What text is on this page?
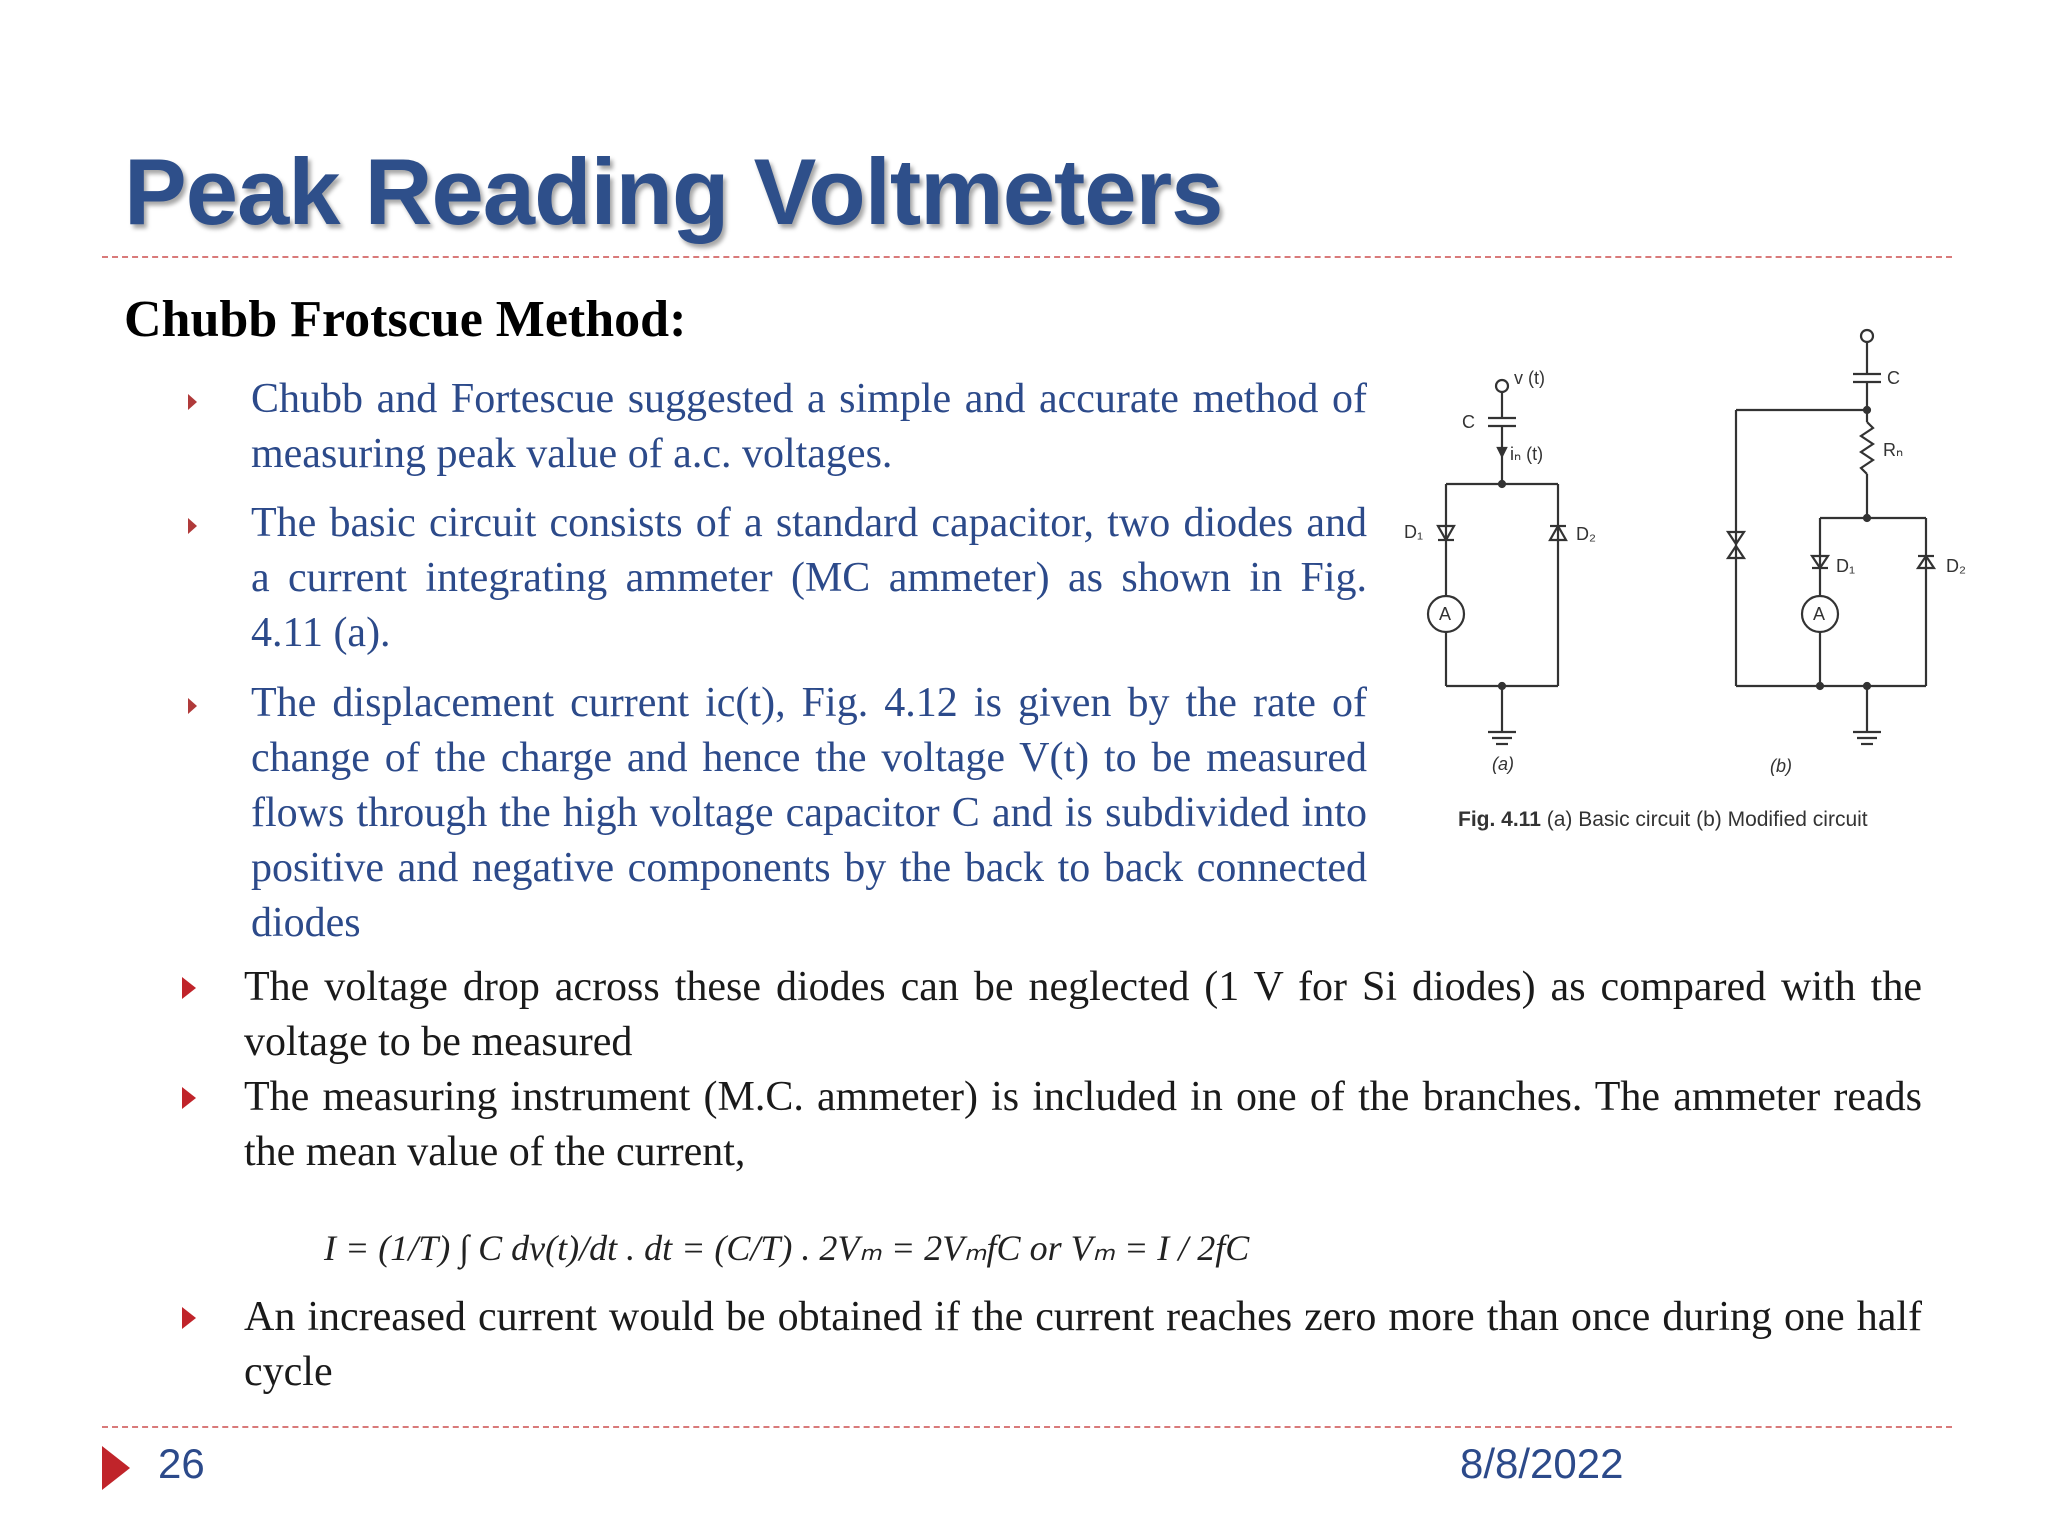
Peak Reading Voltmeters
Chubb Frotscue Method:
Chubb and Fortescue suggested a simple and accurate method of measuring peak value of a.c. voltages.
The basic circuit consists of a standard capacitor, two diodes and a current integrating ammeter (MC ammeter) as shown in Fig. 4.11 (a).
The displacement current ic(t), Fig. 4.12 is given by the rate of change of the charge and hence the voltage V(t) to be measured flows through the high voltage capacitor C and is subdivided into positive and negative components by the back to back connected diodes
v (t)
C
iₙ (t)
D₁	D₂
A
(a)
C
Rₙ
D₁	D₂
A
(b)
Fig. 4.11 (a) Basic circuit (b) Modified circuit
The voltage drop across these diodes can be neglected (1 V for Si diodes) as compared with the voltage to be measured
The measuring instrument (M.C. ammeter) is included in one of the branches. The ammeter reads the mean value of the current,
I = (1/T) ∫ C dv(t)/dt . dt = (C/T) . 2Vₘ = 2VₘfC or Vₘ = I / 2fC
An increased current would be obtained if the current reaches zero more than once during one half cycle
26	8/8/2022
